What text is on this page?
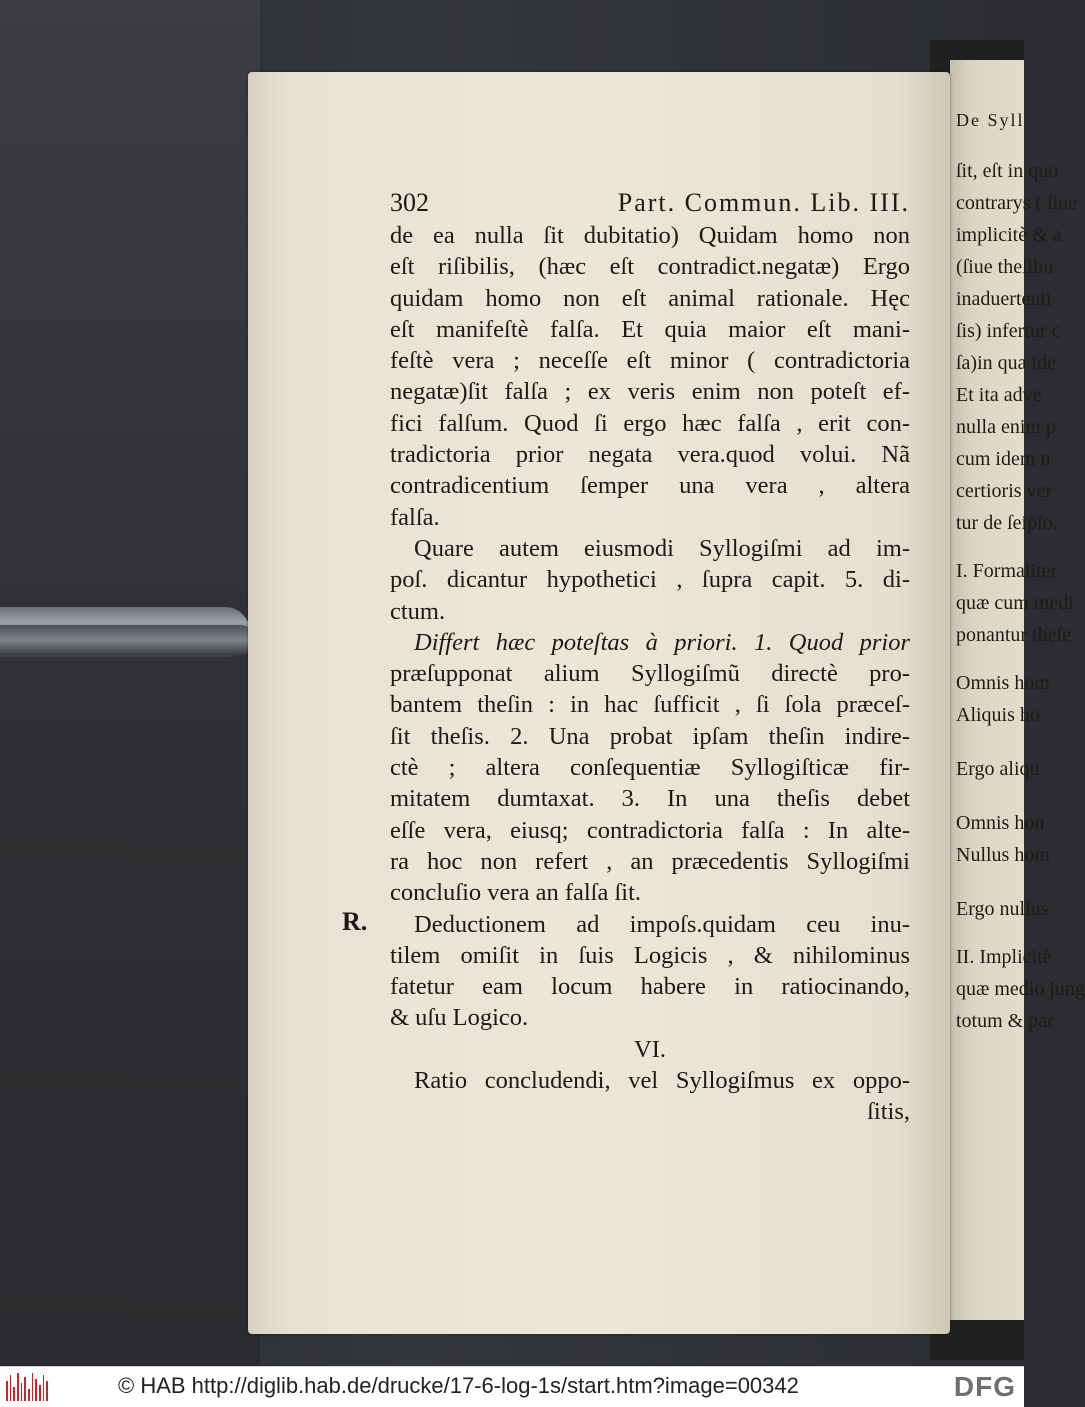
De Syll
ſit, eſt in quo
contrarys ( ſiue
implicitè & a
(ſiue theſibu
inaduertenti
ſis) infertur c
ſa)in qua ide
Et ita adve
nulla enim p
cum idem n
certioris ver
tur de ſeipſo.
I. Formaliter
quæ cum medi
ponantur theſe
Omnis hom
Aliquis ho
Ergo aliqu
Omnis hon
Nullus hom
Ergo nullus
II. Implicitè
quæ medio jung
totum & par
302	Part. Commun. Lib. III.
de ea nulla ſit dubitatio) Quidam homo non
eſt riſibilis, (hæc eſt contradict.negatæ) Ergo
quidam homo non eſt animal rationale. Hęc
eſt manifeſtè falſa. Et quia maior eſt mani-
feſtè vera ; neceſſe eſt minor ( contradictoria
negatæ)ſit falſa ; ex veris enim non poteſt ef-
fici falſum. Quod ſi ergo hæc falſa , erit con-
tradictoria prior negata vera.quod volui. Nã
contradicentium ſemper una vera , altera
falſa.
Quare autem eiusmodi Syllogiſmi ad im-
poſ. dicantur hypothetici , ſupra capit. 5. di-
ctum.
Differt hæc poteſtas à priori. 1. Quod prior
præſupponat alium Syllogiſmũ directè pro-
bantem theſin : in hac ſufficit , ſi ſola præceſ-
ſit theſis. 2. Una probat ipſam theſin indire-
ctè ; altera conſequentiæ Syllogiſticæ fir-
mitatem dumtaxat. 3. In una theſis debet
eſſe vera, eiusq; contradictoria falſa : In alte-
ra hoc non refert , an præcedentis Syllogiſmi
concluſio vera an falſa ſit.
Deductionem ad impoſs.quidam ceu inu-
tilem omiſit in ſuis Logicis , & nihilominus
fatetur eam locum habere in ratiocinando,
& uſu Logico.
VI.
Ratio concludendi, vel Syllogiſmus ex oppo-
ſitis,
R.
© HAB http://diglib.hab.de/drucke/17-6-log-1s/start.htm?image=00342	DFG
